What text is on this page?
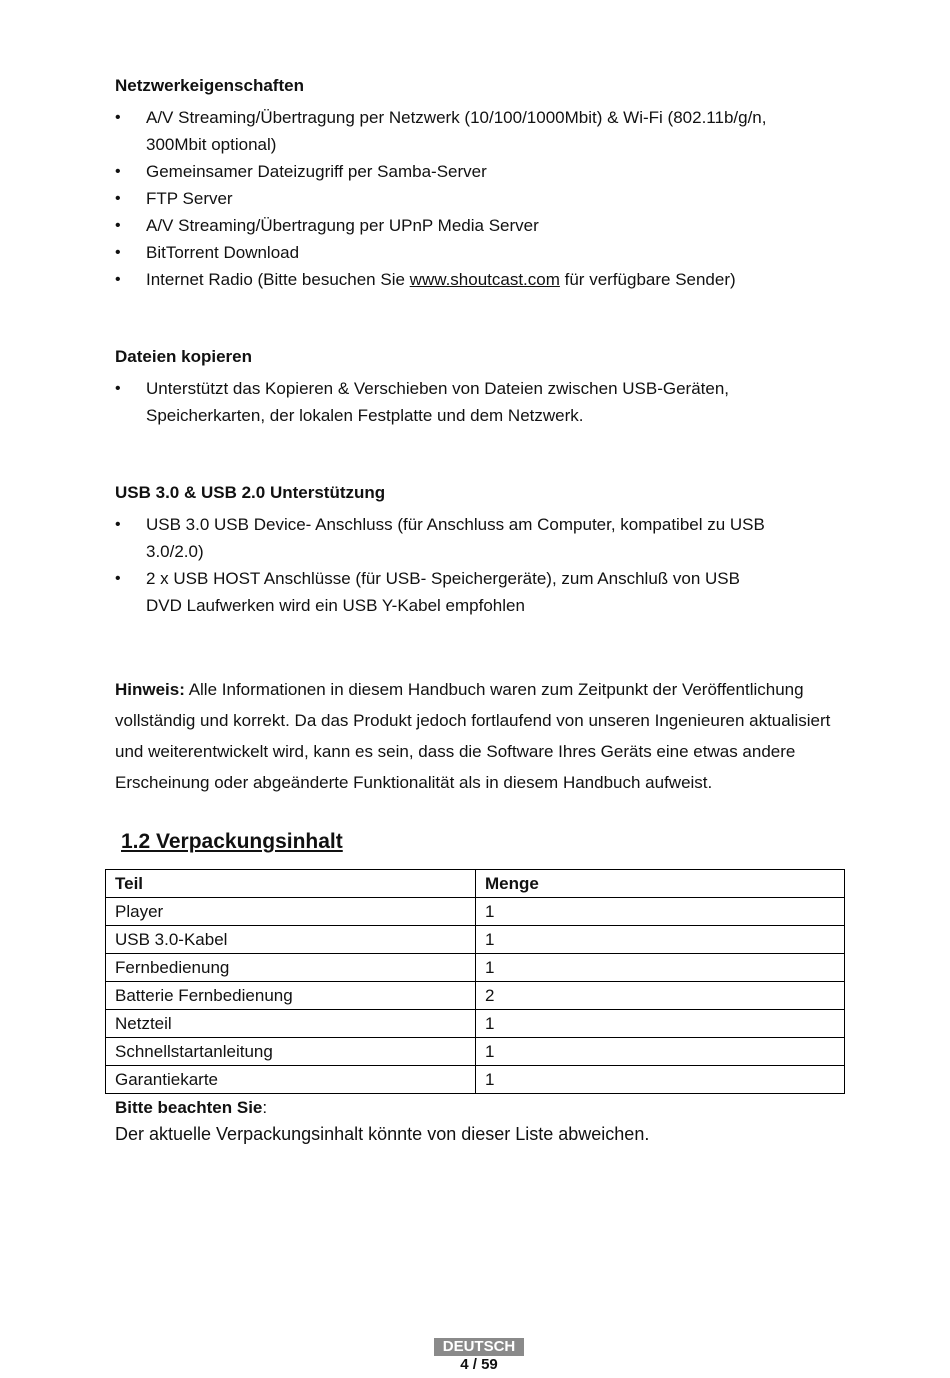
Netzwerkeigenschaften
• A/V Streaming/Übertragung per Netzwerk (10/100/1000Mbit) & Wi-Fi (802.11b/g/n, 300Mbit optional)
• Gemeinsamer Dateizugriff per Samba-Server
• FTP Server
• A/V Streaming/Übertragung per UPnP Media Server
• BitTorrent Download
• Internet Radio (Bitte besuchen Sie www.shoutcast.com für verfügbare Sender)
Dateien kopieren
• Unterstützt das Kopieren & Verschieben von Dateien zwischen USB-Geräten, Speicherkarten, der lokalen Festplatte und dem Netzwerk.
USB 3.0 & USB 2.0 Unterstützung
• USB 3.0 USB Device- Anschluss (für Anschluss am Computer, kompatibel zu USB 3.0/2.0)
• 2 x USB HOST Anschlüsse (für USB- Speichergeräte), zum Anschluß von USB DVD Laufwerken wird ein USB Y-Kabel empfohlen
Hinweis: Alle Informationen in diesem Handbuch waren zum Zeitpunkt der Veröffentlichung vollständig und korrekt. Da das Produkt jedoch fortlaufend von unseren Ingenieuren aktualisiert und weiterentwickelt wird, kann es sein, dass die Software Ihres Geräts eine etwas andere Erscheinung oder abgeänderte Funktionalität als in diesem Handbuch aufweist.
1.2 Verpackungsinhalt
Teil	Menge
Player	1
USB 3.0-Kabel	1
Fernbedienung	1
Batterie Fernbedienung	2
Netzteil	1
Schnellstartanleitung	1
Garantiekarte	1
Bitte beachten Sie:
Der aktuelle Verpackungsinhalt könnte von dieser Liste abweichen.
DEUTSCH
4 / 59
